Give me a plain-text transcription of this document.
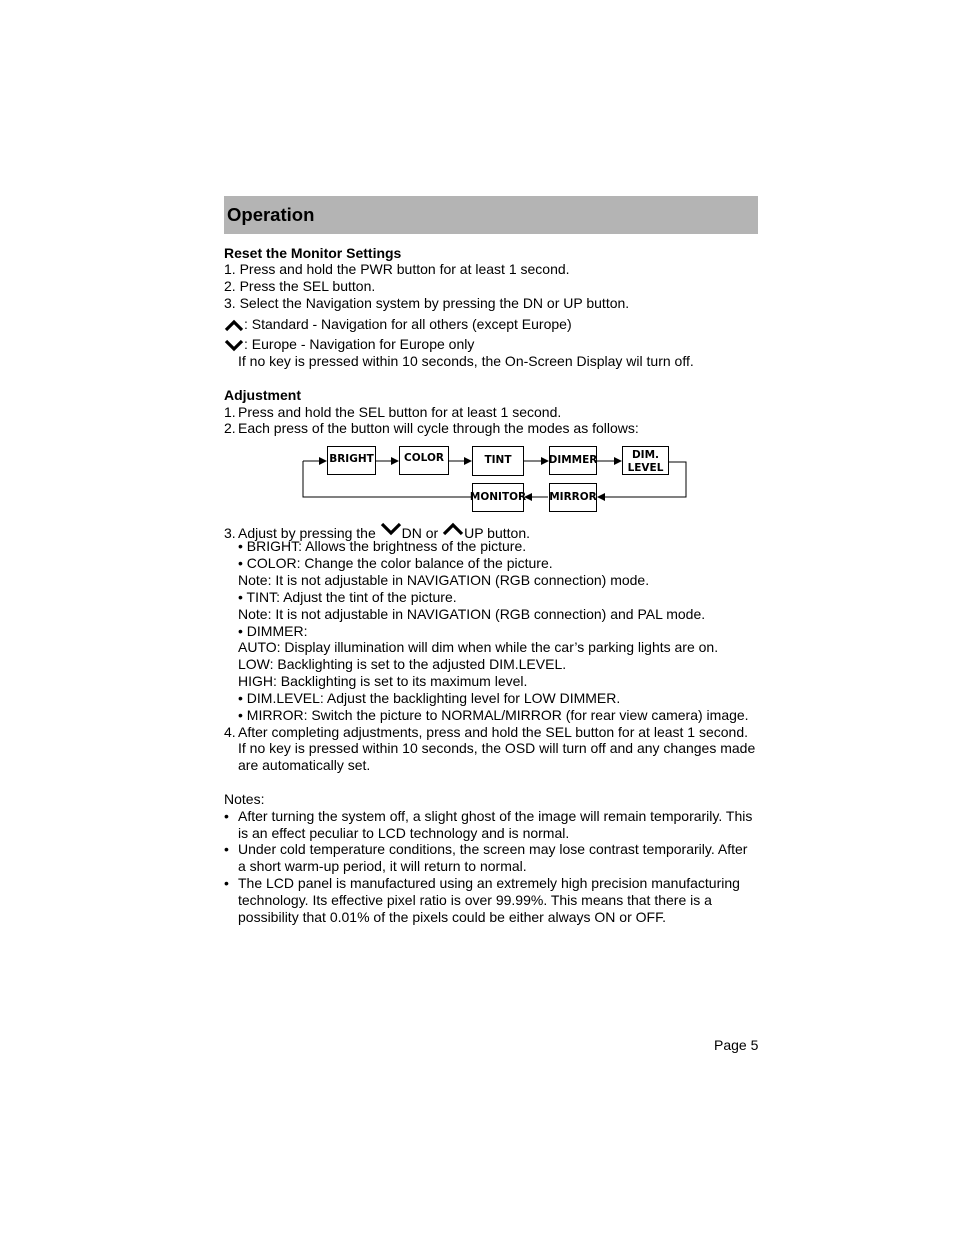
Operation
Reset the Monitor Settings
1. Press and hold the PWR button for at least 1 second.
2. Press the SEL button.
3. Select the Navigation system by pressing the DN or UP button.
: Standard - Navigation for all others (except Europe)
: Europe - Navigation for Europe only
If no key is pressed within 10 seconds, the On-Screen Display wil turn off.
Adjustment
1. Press and hold the SEL button for at least 1 second.
2. Each press of the button will cycle through the modes as follows:
BRIGHT	COLOR	TINT	DIMMER	DIM.
LEVEL
MONITOR MIRROR
3. Adjust by pressing the DN or UP button.
• BRIGHT: Allows the brightness of the picture.
• COLOR: Change the color balance of the picture.
Note: It is not adjustable in NAVIGATION (RGB connection) mode.
• TINT: Adjust the tint of the picture.
Note: It is not adjustable in NAVIGATION (RGB connection) and PAL mode.
• DIMMER:
AUTO: Display illumination will dim when while the car’s parking lights are on.
LOW: Backlighting is set to the adjusted DIM.LEVEL.
HIGH: Backlighting is set to its maximum level.
• DIM.LEVEL: Adjust the backlighting level for LOW DIMMER.
• MIRROR: Switch the picture to NORMAL/MIRROR (for rear view camera) image.
4. After completing adjustments, press and hold the SEL button for at least 1 second.
If no key is pressed within 10 seconds, the OSD will turn off and any changes made
are automatically set.
Notes:
• After turning the system off, a slight ghost of the image will remain temporarily. This
is an effect peculiar to LCD technology and is normal.
• Under cold temperature conditions, the screen may lose contrast temporarily. After
a short warm-up period, it will return to normal.
• The LCD panel is manufactured using an extremely high precision manufacturing
technology. Its effective pixel ratio is over 99.99%. This means that there is a
possibility that 0.01% of the pixels could be either always ON or OFF.
Page 5
